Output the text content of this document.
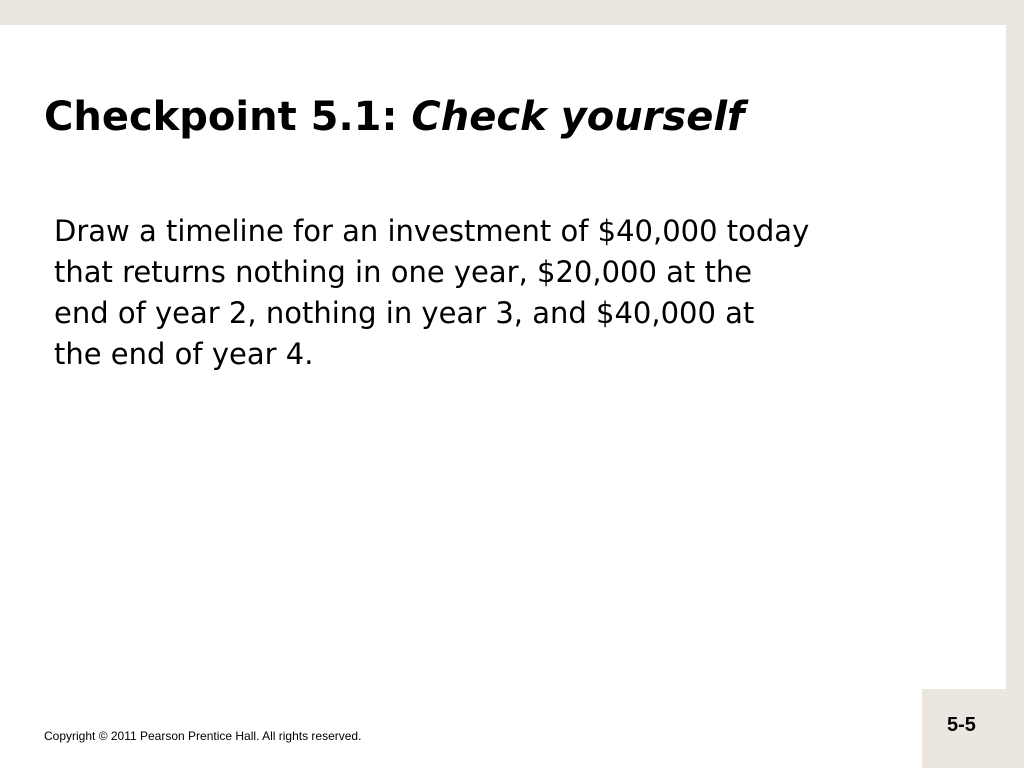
Checkpoint 5.1: Check yourself

Draw a timeline for an investment of $40,000 today
that returns nothing in one year, $20,000 at the
end of year 2, nothing in year 3, and $40,000 at
the end of year 4.

Copyright © 2011 Pearson Prentice Hall. All rights reserved.	5-5
